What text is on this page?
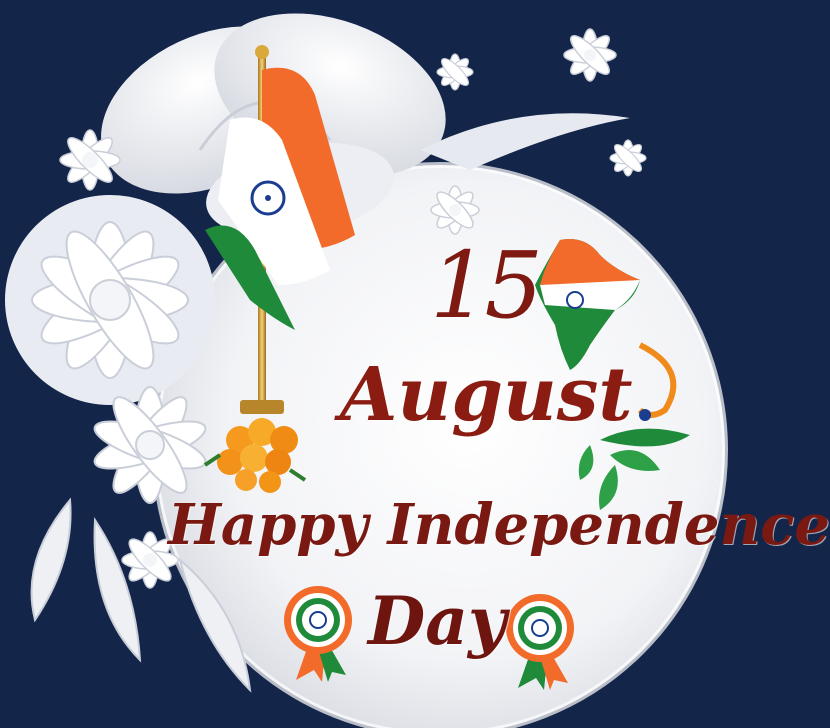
15
August
Happy Independence
Day
